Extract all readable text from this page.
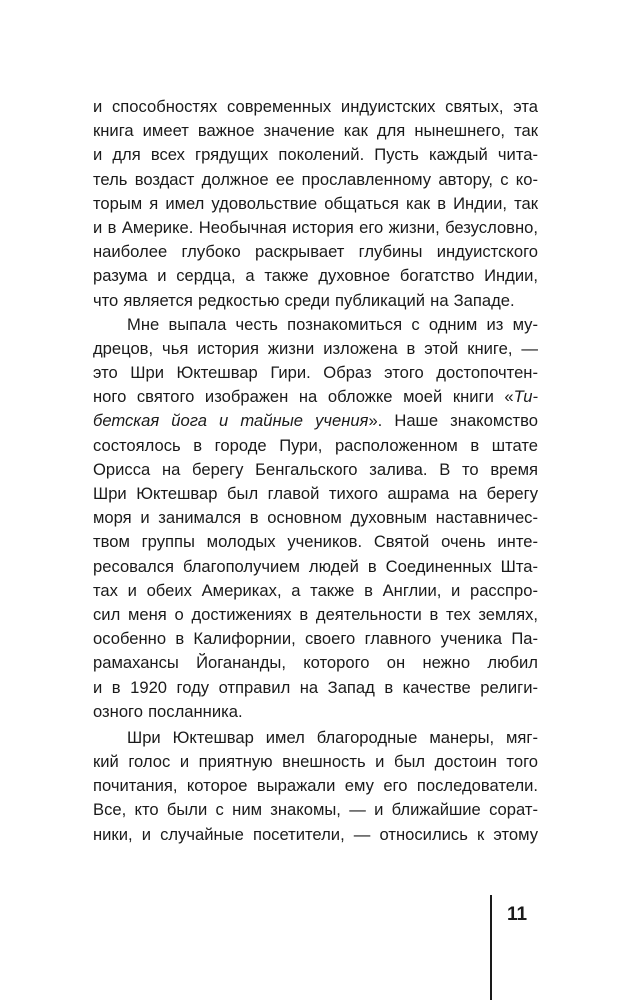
и способностях современных индуистских святых, эта
книга имеет важное значение как для нынешнего, так
и для всех грядущих поколений. Пусть каждый чита-
тель воздаст должное ее прославленному автору, с ко-
торым я имел удовольствие общаться как в Индии, так
и в Америке. Необычная история его жизни, безусловно,
наиболее глубоко раскрывает глубины индуистского
разума и сердца, а также духовное богатство Индии,
что является редкостью среди публикаций на Западе.
Мне выпала честь познакомиться с одним из му-
дрецов, чья история жизни изложена в этой книге, —
это Шри Юктешвар Гири. Образ этого достопочтен-
ного святого изображен на обложке моей книги «Ти-
бетская йога и тайные учения». Наше знакомство
состоялось в городе Пури, расположенном в штате
Орисса на берегу Бенгальского залива. В то время
Шри Юктешвар был главой тихого ашрама на берегу
моря и занимался в основном духовным наставничес-
твом группы молодых учеников. Святой очень инте-
ресовался благополучием людей в Соединенных Шта-
тах и обеих Америках, а также в Англии, и расспро-
сил меня о достижениях в деятельности в тех землях,
особенно в Калифорнии, своего главного ученика Па-
рамахансы Йогананды, которого он нежно любил
и в 1920 году отправил на Запад в качестве религи-
озного посланника.
Шри Юктешвар имел благородные манеры, мяг-
кий голос и приятную внешность и был достоин того
почитания, которое выражали ему его последователи.
Все, кто были с ним знакомы, — и ближайшие сорат-
ники, и случайные посетители, — относились к этому
11
